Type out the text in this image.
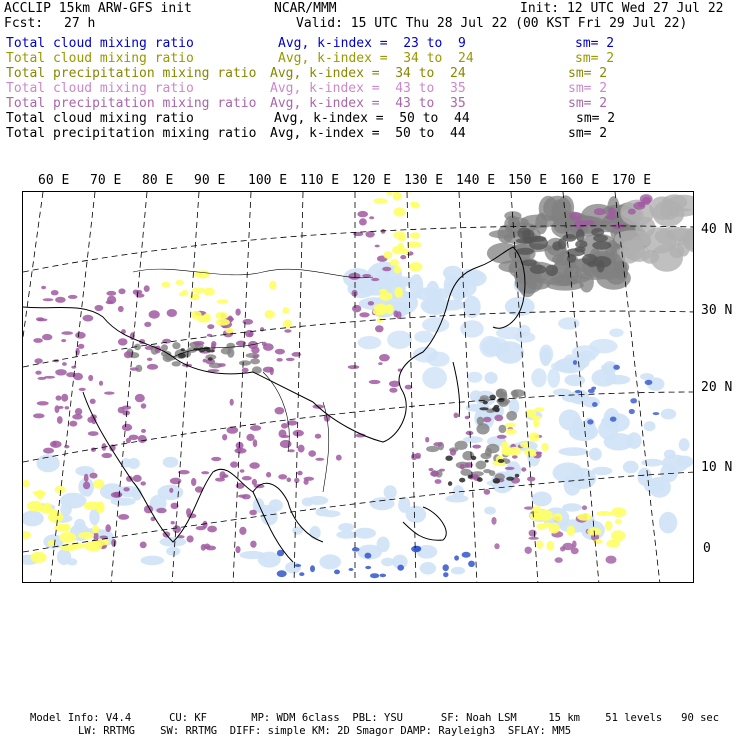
ACCLIP 15km ARW-GFS init	NCAR/MMM	Init: 12 UTC Wed 27 Jul 22
Fcst: 27 h	Valid: 15 UTC Thu 28 Jul 22 (00 KST Fri 29 Jul 22)
Total cloud mixing ratio	Avg, k-index =  23 to  9	sm= 2
Total cloud mixing ratio	Avg, k-index =  34 to  24	sm= 2
Total precipitation mixing ratio Avg, k-index =  34 to  24	sm= 2
Total cloud mixing ratio	Avg, k-index =  43 to  35	sm= 2
Total precipitation mixing ratio Avg, k-index =  43 to  35	sm= 2
Total cloud mixing ratio	Avg, k-index =  50 to  44	sm= 2
Total precipitation mixing ratio Avg, k-index =  50 to  44	sm= 2
60 E 70 E 80 E 90 E 100 E 110 E 120 E 130 E 140 E 150 E 160 E 170 E
40 N
30 N
20 N
10 N
0
Model Info: V4.4      CU: KF       MP: WDM 6class  PBL: YSU      SF: Noah LSM     15 km    51 levels   90 sec
LW: RRTMG    SW: RRTMG  DIFF: simple KM: 2D Smagor DAMP: Rayleigh3  SFLAY: MM5
